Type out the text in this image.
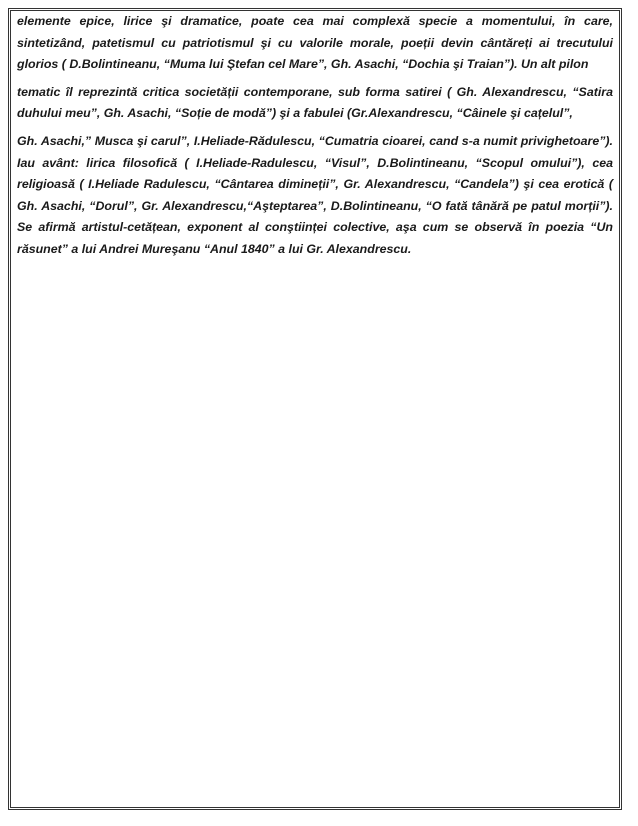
elemente epice, lirice şi dramatice, poate cea mai complexă specie a momentului, în care, sintetizând, patetismul cu patriotismul şi cu valorile morale, poeții devin cântăreți ai trecutului glorios ( D.Bolintineanu, “Muma lui Ştefan cel Mare”, Gh. Asachi, “Dochia şi Traian”). Un alt pilon

tematic îl reprezintă critica societății contemporane, sub forma satirei ( Gh. Alexandrescu, “Satira duhului meu”, Gh. Asachi, “Soție de modă”) şi a fabulei (Gr.Alexandrescu, “Câinele şi cațelul”,

Gh. Asachi,” Musca şi carul”, I.Heliade-Rădulescu, “Cumatria cioarei, cand s-a numit privighetoare”). Iau avânt: lirica filosofică ( I.Heliade-Radulescu, “Visul”, D.Bolintineanu, “Scopul omului”), cea religioasă ( I.Heliade Radulescu, “Cântarea dimineții”, Gr. Alexandrescu, “Candela”) şi cea erotică ( Gh. Asachi, “Dorul”, Gr. Alexandrescu,“Aşteptarea”, D.Bolintineanu, “O fată tânără pe patul morții”). Se afirmă artistul-cetățean, exponent al conştiinței colective, aşa cum se observă în poezia “Un răsunet” a lui Andrei Mureşanu “Anul 1840” a lui Gr. Alexandrescu.
